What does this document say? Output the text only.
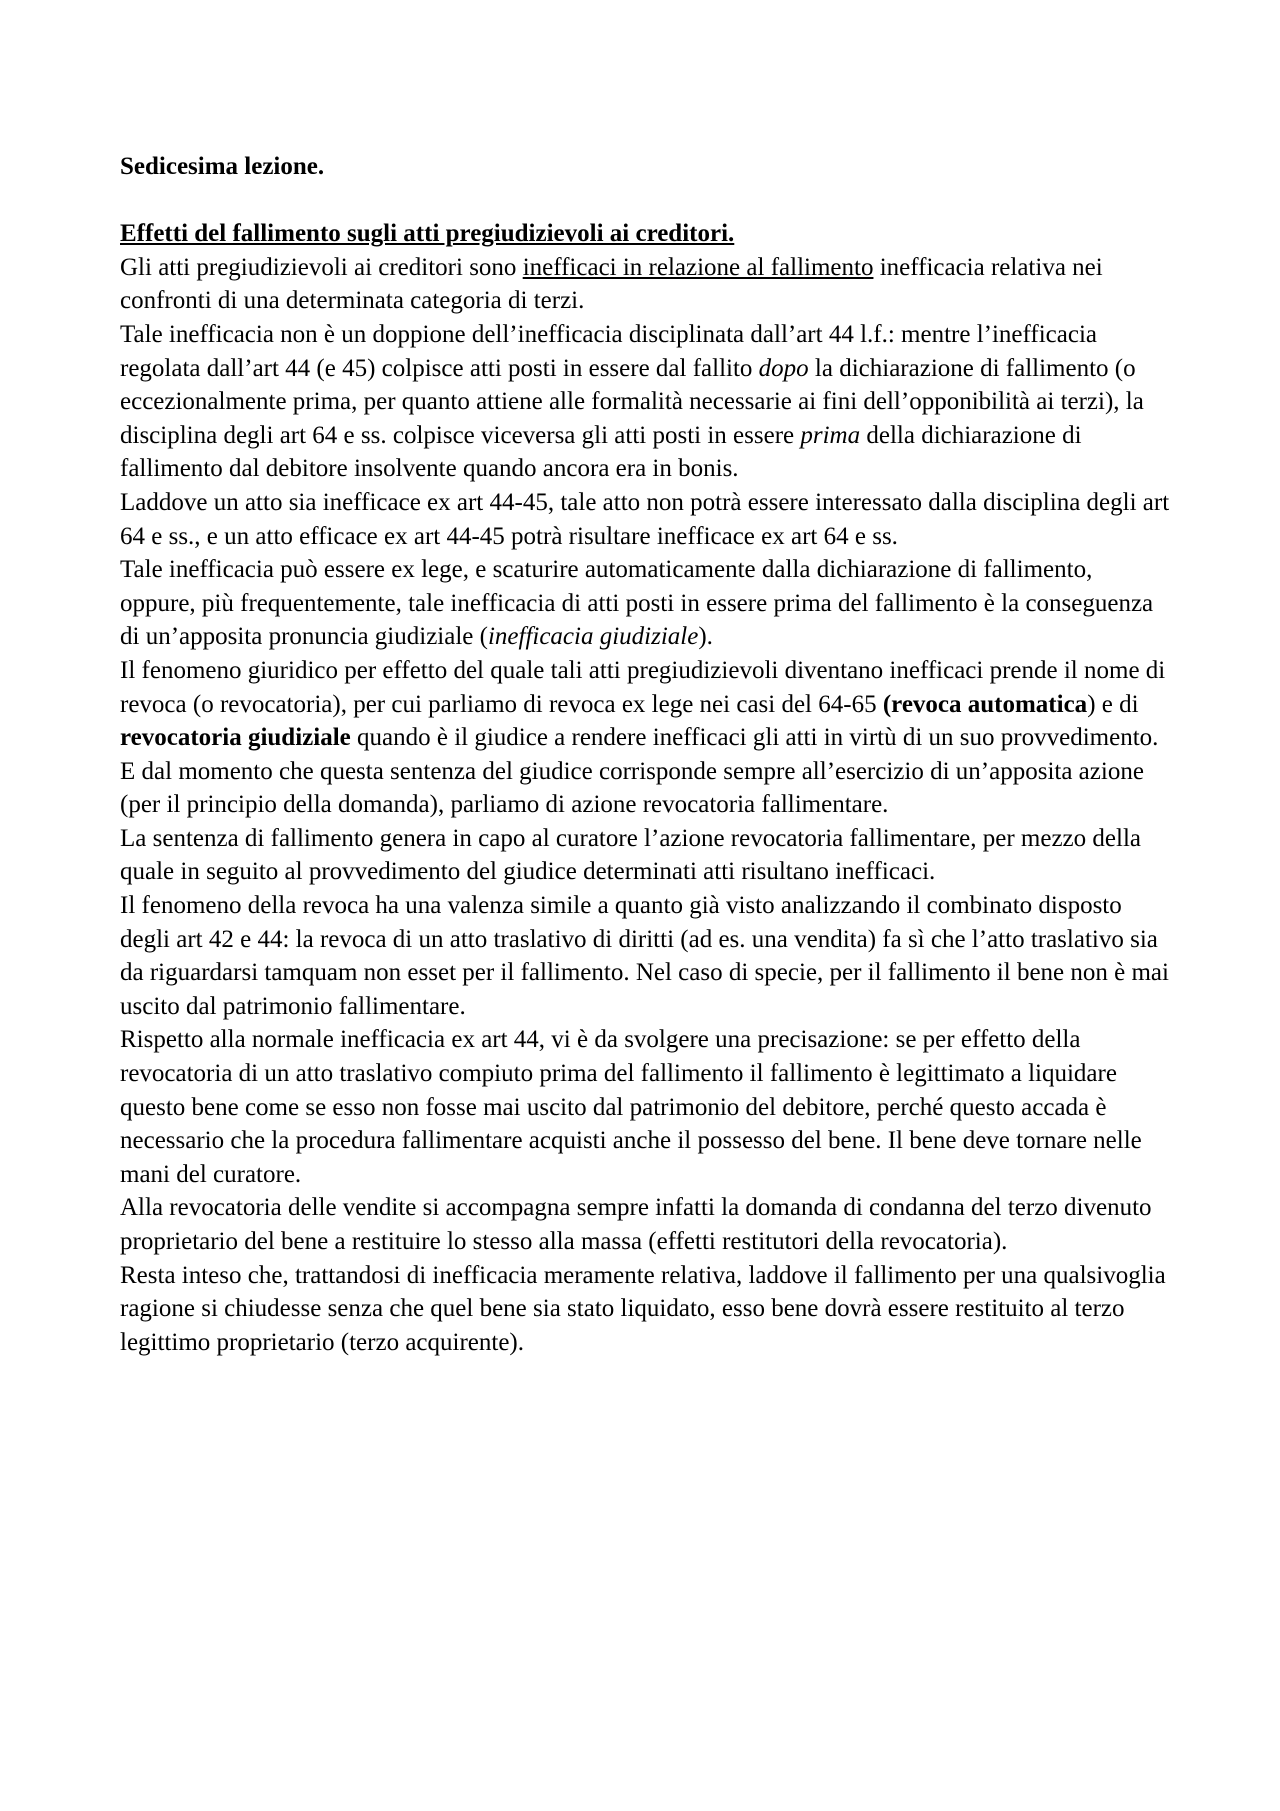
Sedicesima lezione.

Effetti del fallimento sugli atti pregiudizievoli ai creditori.

Gli atti pregiudizievoli ai creditori sono inefficaci in relazione al fallimento inefficacia relativa nei confronti di una determinata categoria di terzi.

Tale inefficacia non è un doppione dell’inefficacia disciplinata dall’art 44 l.f.: mentre l’inefficacia regolata dall’art 44 (e 45) colpisce atti posti in essere dal fallito dopo la dichiarazione di fallimento (o eccezionalmente prima, per quanto attiene alle formalità necessarie ai fini dell’opponibilità ai terzi), la disciplina degli art 64 e ss. colpisce viceversa gli atti posti in essere prima della dichiarazione di fallimento dal debitore insolvente quando ancora era in bonis.

Laddove un atto sia inefficace ex art 44-45, tale atto non potrà essere interessato dalla disciplina degli art 64 e ss., e un atto efficace ex art 44-45 potrà risultare inefficace ex art 64 e ss.

Tale inefficacia può essere ex lege, e scaturire automaticamente dalla dichiarazione di fallimento, oppure, più frequentemente, tale inefficacia di atti posti in essere prima del fallimento è la conseguenza di un’apposita pronuncia giudiziale (inefficacia giudiziale).

Il fenomeno giuridico per effetto del quale tali atti pregiudizievoli diventano inefficaci prende il nome di revoca (o revocatoria), per cui parliamo di revoca ex lege nei casi del 64-65 (revoca automatica) e di revocatoria giudiziale quando è il giudice a rendere inefficaci gli atti in virtù di un suo provvedimento.

E dal momento che questa sentenza del giudice corrisponde sempre all’esercizio di un’apposita azione (per il principio della domanda), parliamo di azione revocatoria fallimentare.

La sentenza di fallimento genera in capo al curatore l’azione revocatoria fallimentare, per mezzo della quale in seguito al provvedimento del giudice determinati atti risultano inefficaci.

Il fenomeno della revoca ha una valenza simile a quanto già visto analizzando il combinato disposto degli art 42 e 44: la revoca di un atto traslativo di diritti (ad es. una vendita) fa sì che l’atto traslativo sia da riguardarsi tamquam non esset per il fallimento. Nel caso di specie, per il fallimento il bene non è mai uscito dal patrimonio fallimentare.

Rispetto alla normale inefficacia ex art 44, vi è da svolgere una precisazione: se per effetto della revocatoria di un atto traslativo compiuto prima del fallimento il fallimento è legittimato a liquidare questo bene come se esso non fosse mai uscito dal patrimonio del debitore, perché questo accada è necessario che la procedura fallimentare acquisti anche il possesso del bene. Il bene deve tornare nelle mani del curatore.

Alla revocatoria delle vendite si accompagna sempre infatti la domanda di condanna del terzo divenuto proprietario del bene a restituire lo stesso alla massa (effetti restitutori della revocatoria).

Resta inteso che, trattandosi di inefficacia meramente relativa, laddove il fallimento per una qualsivoglia ragione si chiudesse senza che quel bene sia stato liquidato, esso bene dovrà essere restituito al terzo legittimo proprietario (terzo acquirente).
